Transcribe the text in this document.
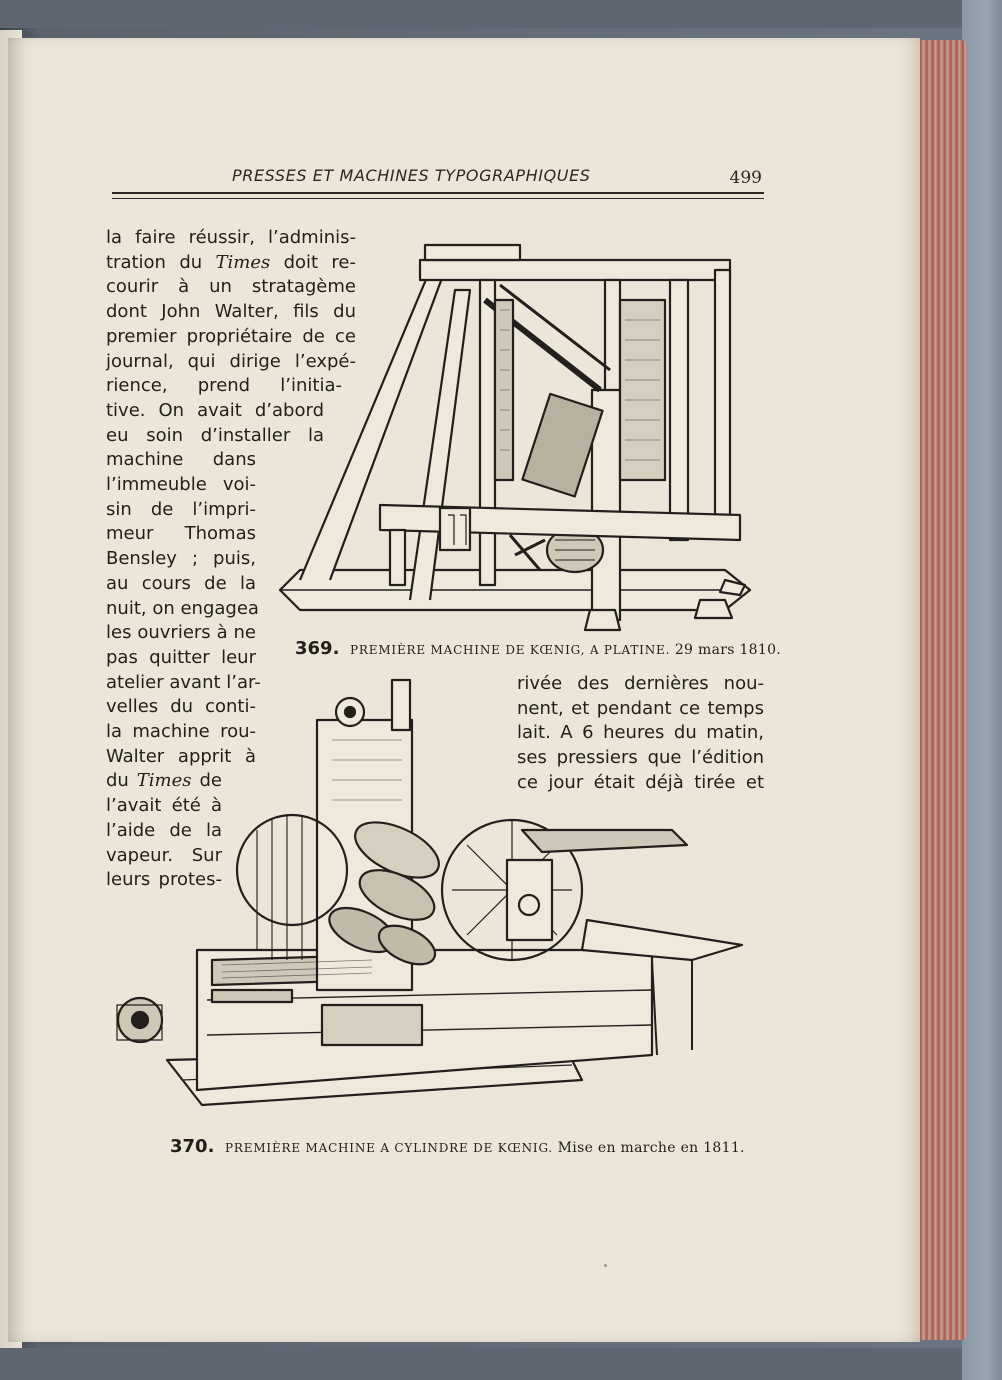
PRESSES ET MACHINES TYPOGRAPHIQUES	499
la faire réussir, l’adminis-
tration du Times doit re-
courir à un stratagème
dont John Walter, fils du
premier propriétaire de ce
journal, qui dirige l’expé-
rience, prend l’initia-
tive. On avait d’abord
eu soin d’installer la
machine dans
l’immeuble voi-
sin de l’impri-
meur Thomas
Bensley ; puis,
au cours de la
nuit, on engagea
les ouvriers à ne
pas quitter leur
atelier avant l’ar-
velles du conti-
la machine rou-
Walter apprit à
du Times de
l’avait été à
l’aide de la
vapeur. Sur
leurs protes-
rivée des dernières nou-
nent, et pendant ce temps
lait. A 6 heures du matin,
ses pressiers que l’édition
ce jour était déjà tirée et
369. PREMIÈRE MACHINE DE KŒNIG, A PLATINE. 29 mars 1810.
370. PREMIÈRE MACHINE A CYLINDRE DE KŒNIG. Mise en marche en 1811.
